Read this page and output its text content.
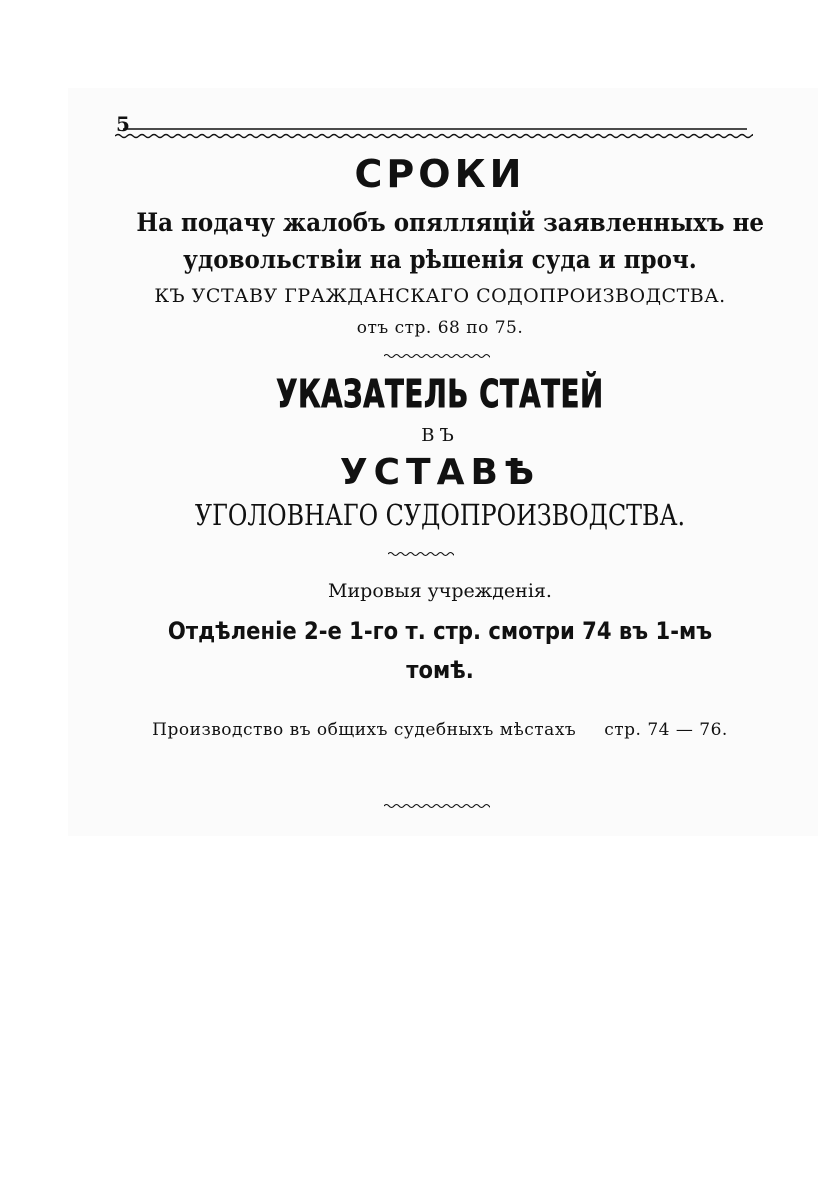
5
СРОКИ
На подачу жалобъ опялляцій заявленныхъ не
удовольствіи на рѣшенія суда и проч.
КЪ УСТАВУ ГРАЖДАНСКАГО СОДОПРОИЗВОДСТВА.
отъ стр. 68 по 75.
УКАЗАТЕЛЬ СТАТЕЙ
ВЪ
УСТАВѢ
УГОЛОВНАГО СУДОПРОИЗВОДСТВА.
Мировыя учрежденія.
Отдѣленіе 2-е 1-го т. стр. смотри 74 въ 1-мъ
томѣ.
Производство въ общихъ судебныхъ мѣстахъ стр. 74 — 76.
